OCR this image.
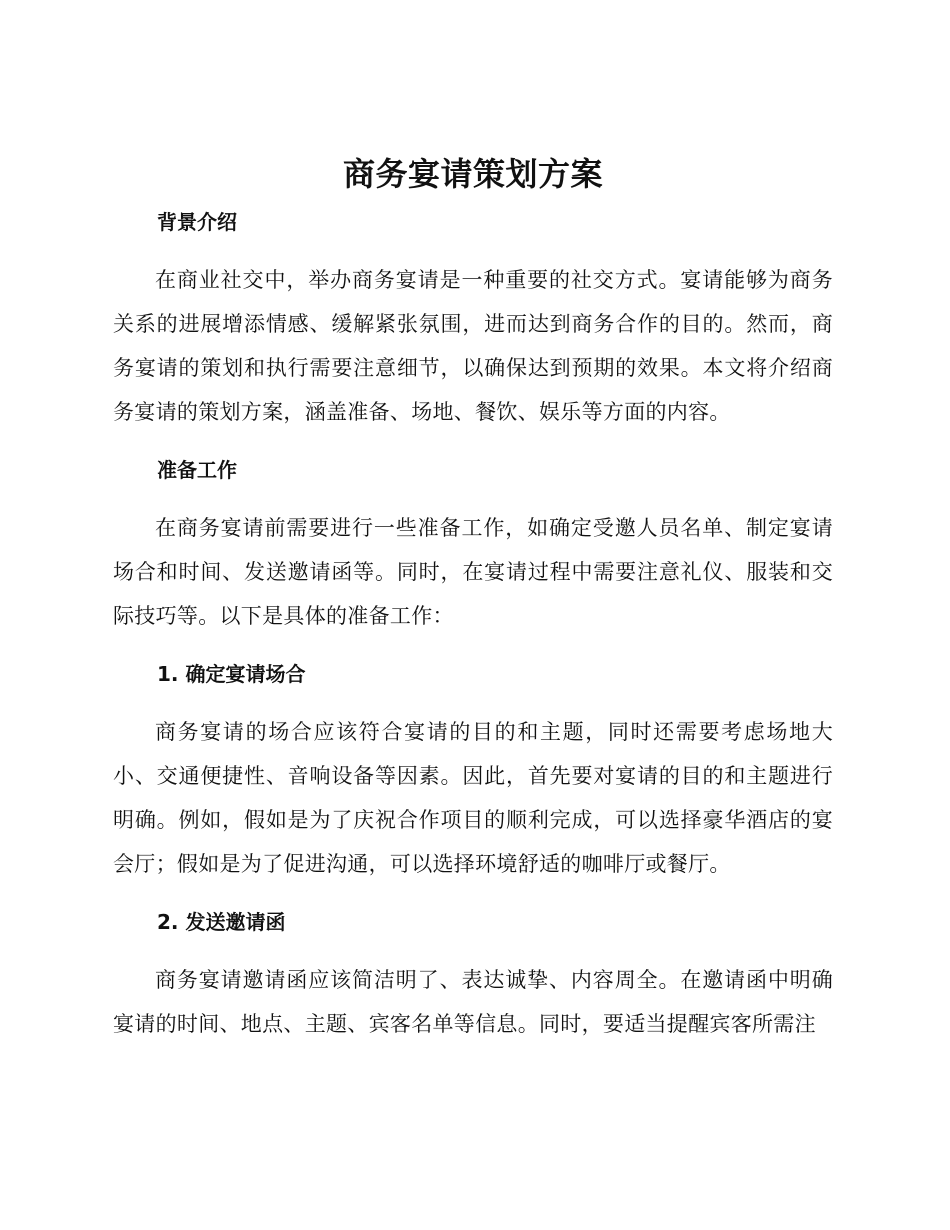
商务宴请策划方案
背景介绍

在商业社交中，举办商务宴请是一种重要的社交方式。宴请能够为商务关系的进展增添情感、缓解紧张氛围，进而达到商务合作的目的。然而，商务宴请的策划和执行需要注意细节，以确保达到预期的效果。本文将介绍商务宴请的策划方案，涵盖准备、场地、餐饮、娱乐等方面的内容。

准备工作

在商务宴请前需要进行一些准备工作，如确定受邀人员名单、制定宴请场合和时间、发送邀请函等。同时，在宴请过程中需要注意礼仪、服装和交际技巧等。以下是具体的准备工作：

1. 确定宴请场合

商务宴请的场合应该符合宴请的目的和主题，同时还需要考虑场地大小、交通便捷性、音响设备等因素。因此，首先要对宴请的目的和主题进行明确。例如，假如是为了庆祝合作项目的顺利完成，可以选择豪华酒店的宴会厅；假如是为了促进沟通，可以选择环境舒适的咖啡厅或餐厅。

2. 发送邀请函

商务宴请邀请函应该简洁明了、表达诚挚、内容周全。在邀请函中明确宴请的时间、地点、主题、宾客名单等信息。同时，要适当提醒宾客所需注
